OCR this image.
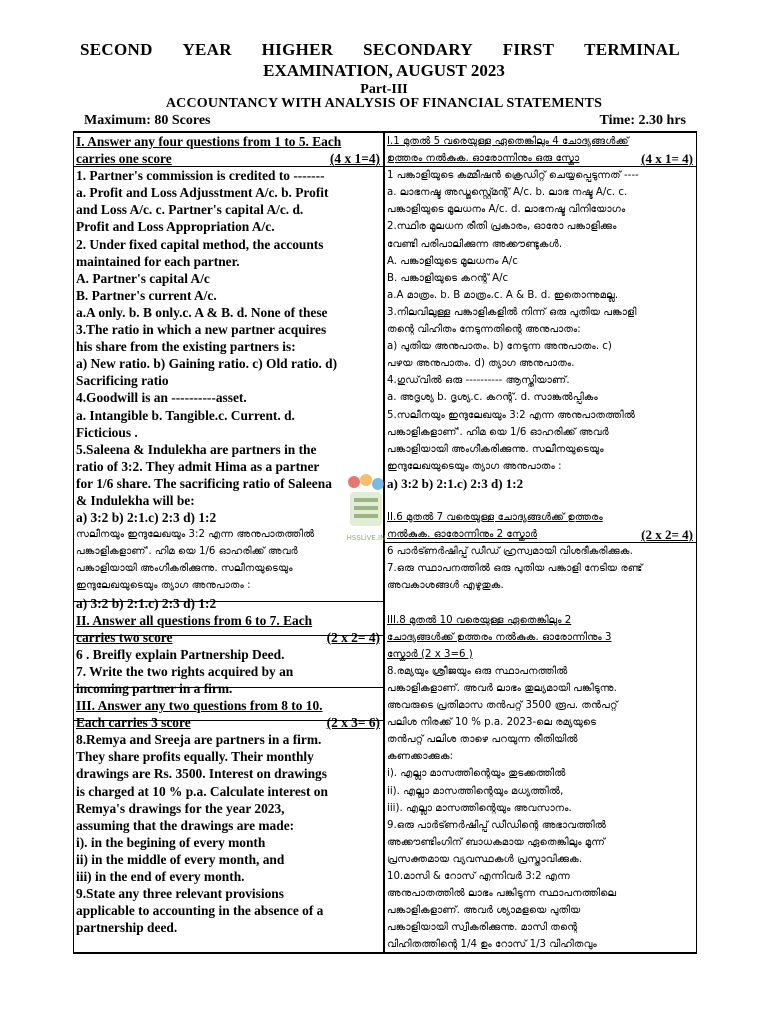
SECOND YEAR HIGHER SECONDARY FIRST TERMINAL
EXAMINATION, AUGUST 2023
Part-III
ACCOUNTANCY WITH ANALYSIS OF FINANCIAL STATEMENTS
Maximum: 80 Scores	Time: 2.30 hrs
HSSLiVE.IN
I. Answer any four questions from 1 to 5. Each
carries one score	(4 x 1=4)
1. Partner's commission is credited to -------
a. Profit and Loss Adjusstment A/c. b. Profit
and Loss A/c. c. Partner's capital A/c. d.
Profit and Loss Appropriation A/c.
2. Under fixed capital method, the accounts
maintained for each partner.
A. Partner's capital A/c
B. Partner's current A/c.
a.A only. b. B only.c. A & B. d. None of these
3.The ratio in which a new partner acquires
his share from the existing partners is:
a) New ratio. b) Gaining ratio. c) Old ratio. d)
Sacrificing ratio
4.Goodwill is an ----------asset.
a. Intangible b. Tangible.c. Current. d.
Ficticious .
5.Saleena & Indulekha are partners in the
ratio of 3:2. They admit Hima as a partner
for 1/6 share. The sacrificing ratio of Saleena
& Indulekha will be:
a) 3:2 b) 2:1.c) 2:3 d) 1:2
സലീനയും ഇന്ദുലേഖയും 3:2 എന്ന അനുപാതത്തിൽ
പങ്കാളികളാണ്'. ഹിമ യെ 1/6 ഓഹരിക്ക് അവർ
പങ്കാളിയായി അംഗീകരിക്കുന്നു. സലീനയുടെയും
ഇന്ദുലേഖയുടെയും ത്യാഗ അനുപാതം :
a) 3:2 b) 2:1.c) 2:3 d) 1:2
II. Answer all questions from 6 to 7. Each
carries two score	(2 x 2= 4)
6 . Breifly explain Partnership Deed.
7. Write the two rights acquired by an
incoming partner in a firm.
III. Answer any two questions from 8 to 10.
Each carries 3 score	(2 x 3= 6)
8.Remya and Sreeja are partners in a firm.
They share profits equally. Their monthly
drawings are Rs. 3500. Interest on drawings
is charged at 10 % p.a. Calculate interest on
Remya's drawings for the year 2023,
assuming that the drawings are made:
i). in the begining of every month
ii) in the middle of every month, and
iii) in the end of every month.
9.State any three relevant provisions
applicable to accounting in the absence of a
partnership deed.
I.1 മുതൽ 5 വരെയുള്ള ഏതെങ്കിലും 4 ചോദ്യങ്ങൾക്ക്
ഉത്തരം നൽകുക. ഓരോന്നിനും ഒരു സ്കോ	(4 x 1= 4)
1 പങ്കാളിയുടെ കമ്മീഷൻ ക്രെഡിറ്റ് ചെയ്യപ്പെടുന്നത് ----
a. ലാഭനഷ്ട അഡ്ജസ്റ്റ്മെന്റ് A/c. b. ലാഭ നഷ്ട A/c. c.
പങ്കാളിയുടെ മൂലധനം A/c. d. ലാഭനഷ്ട വിനിയോഗം
2.സ്ഥിര മൂലധന രീതി പ്രകാരം, ഓരോ പങ്കാളിക്കും
വേണ്ടി പരിപാലിക്കുന്ന അക്കൗണ്ടുകൾ.
A. പങ്കാളിയുടെ മൂലധനം A/c
B. പങ്കാളിയുടെ കറന്റ് A/c
a.A മാത്രം. b. B മാത്രം.c. A & B. d. ഇതൊന്നുമല്ല.
3.നിലവിലുള്ള പങ്കാളികളിൽ നിന്ന് ഒരു പുതിയ പങ്കാളി
തന്റെ വിഹിതം നേടുന്നതിന്റെ അനുപാതം:
a) പുതിയ അനുപാതം. b) നേടുന്ന അനുപാതം. c)
പഴയ അനുപാതം. d) ത്യാഗ അനുപാതം.
4.ഗുഡ്‌വിൽ ഒരു ---------- ആസ്തിയാണ്.
a. അദൃശ്യ b. ദൃശ്യ.c. കറന്റ്. d. സാങ്കൽപ്പികം
5.സലീനയും ഇന്ദുലേഖയും 3:2 എന്ന അനുപാതത്തിൽ
പങ്കാളികളാണ്'. ഹിമ യെ 1/6 ഓഹരിക്ക് അവർ
പങ്കാളിയായി അംഗീകരിക്കുന്നു. സലീനയുടെയും
ഇന്ദുലേഖയുടെയും ത്യാഗ അനുപാതം :
a) 3:2 b) 2:1.c) 2:3 d) 1:2
II.6 മുതൽ 7 വരെയുള്ള ചോദ്യങ്ങൾക്ക് ഉത്തരം
നൽകുക. ഓരോന്നിനും 2 സ്കോർ	(2 x 2= 4)
6 പാർട്ണർഷിപ്പ് ഡീഡ് ഹ്രസ്വമായി വിശദീകരിക്കുക.
7.ഒരു സ്ഥാപനത്തിൽ ഒരു പുതിയ പങ്കാളി നേടിയ രണ്ട്
അവകാശങ്ങൾ എഴുതുക.
III.8 മുതൽ 10 വരെയുള്ള ഏതെങ്കിലും 2
ചോദ്യങ്ങൾക്ക് ഉത്തരം നൽകുക. ഓരോന്നിനും 3
സ്കോർ (2 x 3=6 )
8.രമ്യയും ശ്രീജയും ഒരു സ്ഥാപനത്തിൽ
പങ്കാളികളാണ്. അവർ ലാഭം തുല്യമായി പങ്കിടുന്നു.
അവരുടെ പ്രതിമാസ തൻപറ്റ് 3500 രൂപ. തൻപറ്റ്
പലിശ നിരക്ക് 10 % p.a. 2023-ലെ രമ്യയുടെ
തൻപറ്റ് പലിശ താഴെ പറയുന്ന രീതിയിൽ
കണക്കാക്കുക:
i). എല്ലാ മാസത്തിന്റെയും തുടക്കത്തിൽ
ii). എല്ലാ മാസത്തിന്റെയും മധ്യത്തിൽ,
iii). എല്ലാ മാസത്തിന്റെയും അവസാനം.
9.ഒരു പാർട്ണർഷിപ്പ് ഡീഡിന്റെ അഭാവത്തിൽ
അക്കൗണ്ടിംഗിന് ബാധകമായ ഏതെങ്കിലും മൂന്ന്
പ്രസക്തമായ വ്യവസ്ഥകൾ പ്രസ്താവിക്കുക.
10.മാസി & റോസ് എന്നിവർ 3:2 എന്ന
അനുപാതത്തിൽ ലാഭം പങ്കിടുന്ന സ്ഥാപനത്തിലെ
പങ്കാളികളാണ്. അവർ ശ്യാമളയെ പുതിയ
പങ്കാളിയായി സ്വീകരിക്കുന്നു. മാസി തന്റെ
വിഹിതത്തിന്റെ 1/4 ഉം റോസ് 1/3 വിഹിതവും
